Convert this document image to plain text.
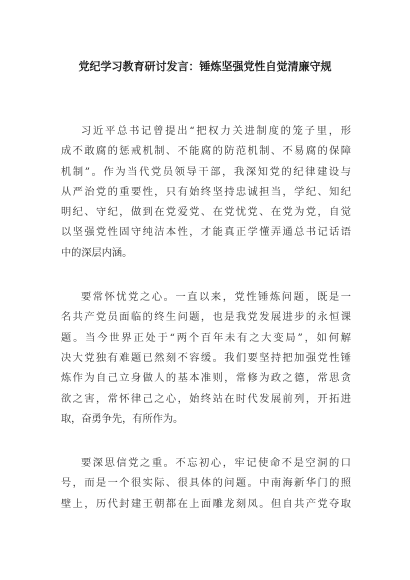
党纪学习教育研讨发言：锤炼坚强党性自觉清廉守规

习近平总书记曾提出“把权力关进制度的笼子里，形
成不敢腐的惩戒机制、不能腐的防范机制、不易腐的保障
机制”。作为当代党员领导干部，我深知党的纪律建设与
从严治党的重要性，只有始终坚持忠诚担当，学纪、知纪
明纪、守纪，做到在党爱党、在党忧党、在党为党，自觉
以坚强党性固守纯洁本性，才能真正学懂弄通总书记话语
中的深层内涵。

要常怀忧党之心。一直以来，党性锤炼问题，既是一
名共产党员面临的终生问题，也是我党发展进步的永恒课
题。当今世界正处于“两个百年未有之大变局”，如何解
决大党独有难题已然刻不容缓。我们要坚持把加强党性锤
炼作为自己立身做人的基本准则，常修为政之德，常思贪
欲之害，常怀律己之心，始终站在时代发展前列，开拓进
取，奋勇争先，有所作为。

要深思信党之重。不忘初心，牢记使命不是空洞的口
号，而是一个很实际、很具体的问题。中南海新华门的照
壁上，历代封建王朝都在上面雕龙刻凤。但自共产党夺取
